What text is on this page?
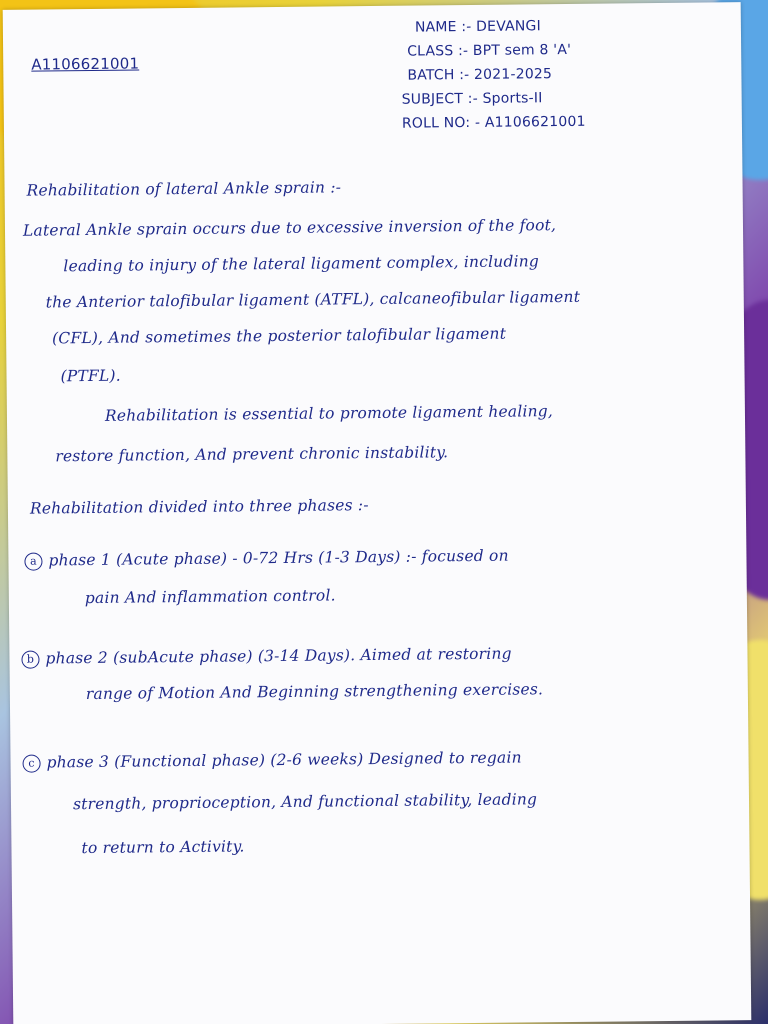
A1106621001
NAME :- DEVANGI
CLASS :- BPT sem 8 'A'
BATCH :- 2021-2025
SUBJECT :- Sports-II
ROLL NO: - A1106621001
Rehabilitation of lateral Ankle sprain :-
Lateral Ankle sprain occurs due to excessive inversion of the foot,
leading to injury of the lateral ligament complex, including
the Anterior talofibular ligament (ATFL), calcaneofibular ligament
(CFL), And sometimes the posterior talofibular ligament
(PTFL).
Rehabilitation is essential to promote ligament healing,
restore function, And prevent chronic instability.
Rehabilitation divided into three phases :-
a phase 1 (Acute phase) - 0-72 Hrs (1-3 Days) :- focused on
pain And inflammation control.
b phase 2 (subAcute phase) (3-14 Days). Aimed at restoring
range of Motion And Beginning strengthening exercises.
c phase 3 (Functional phase) (2-6 weeks) Designed to regain
strength, proprioception, And functional stability, leading
to return to Activity.
